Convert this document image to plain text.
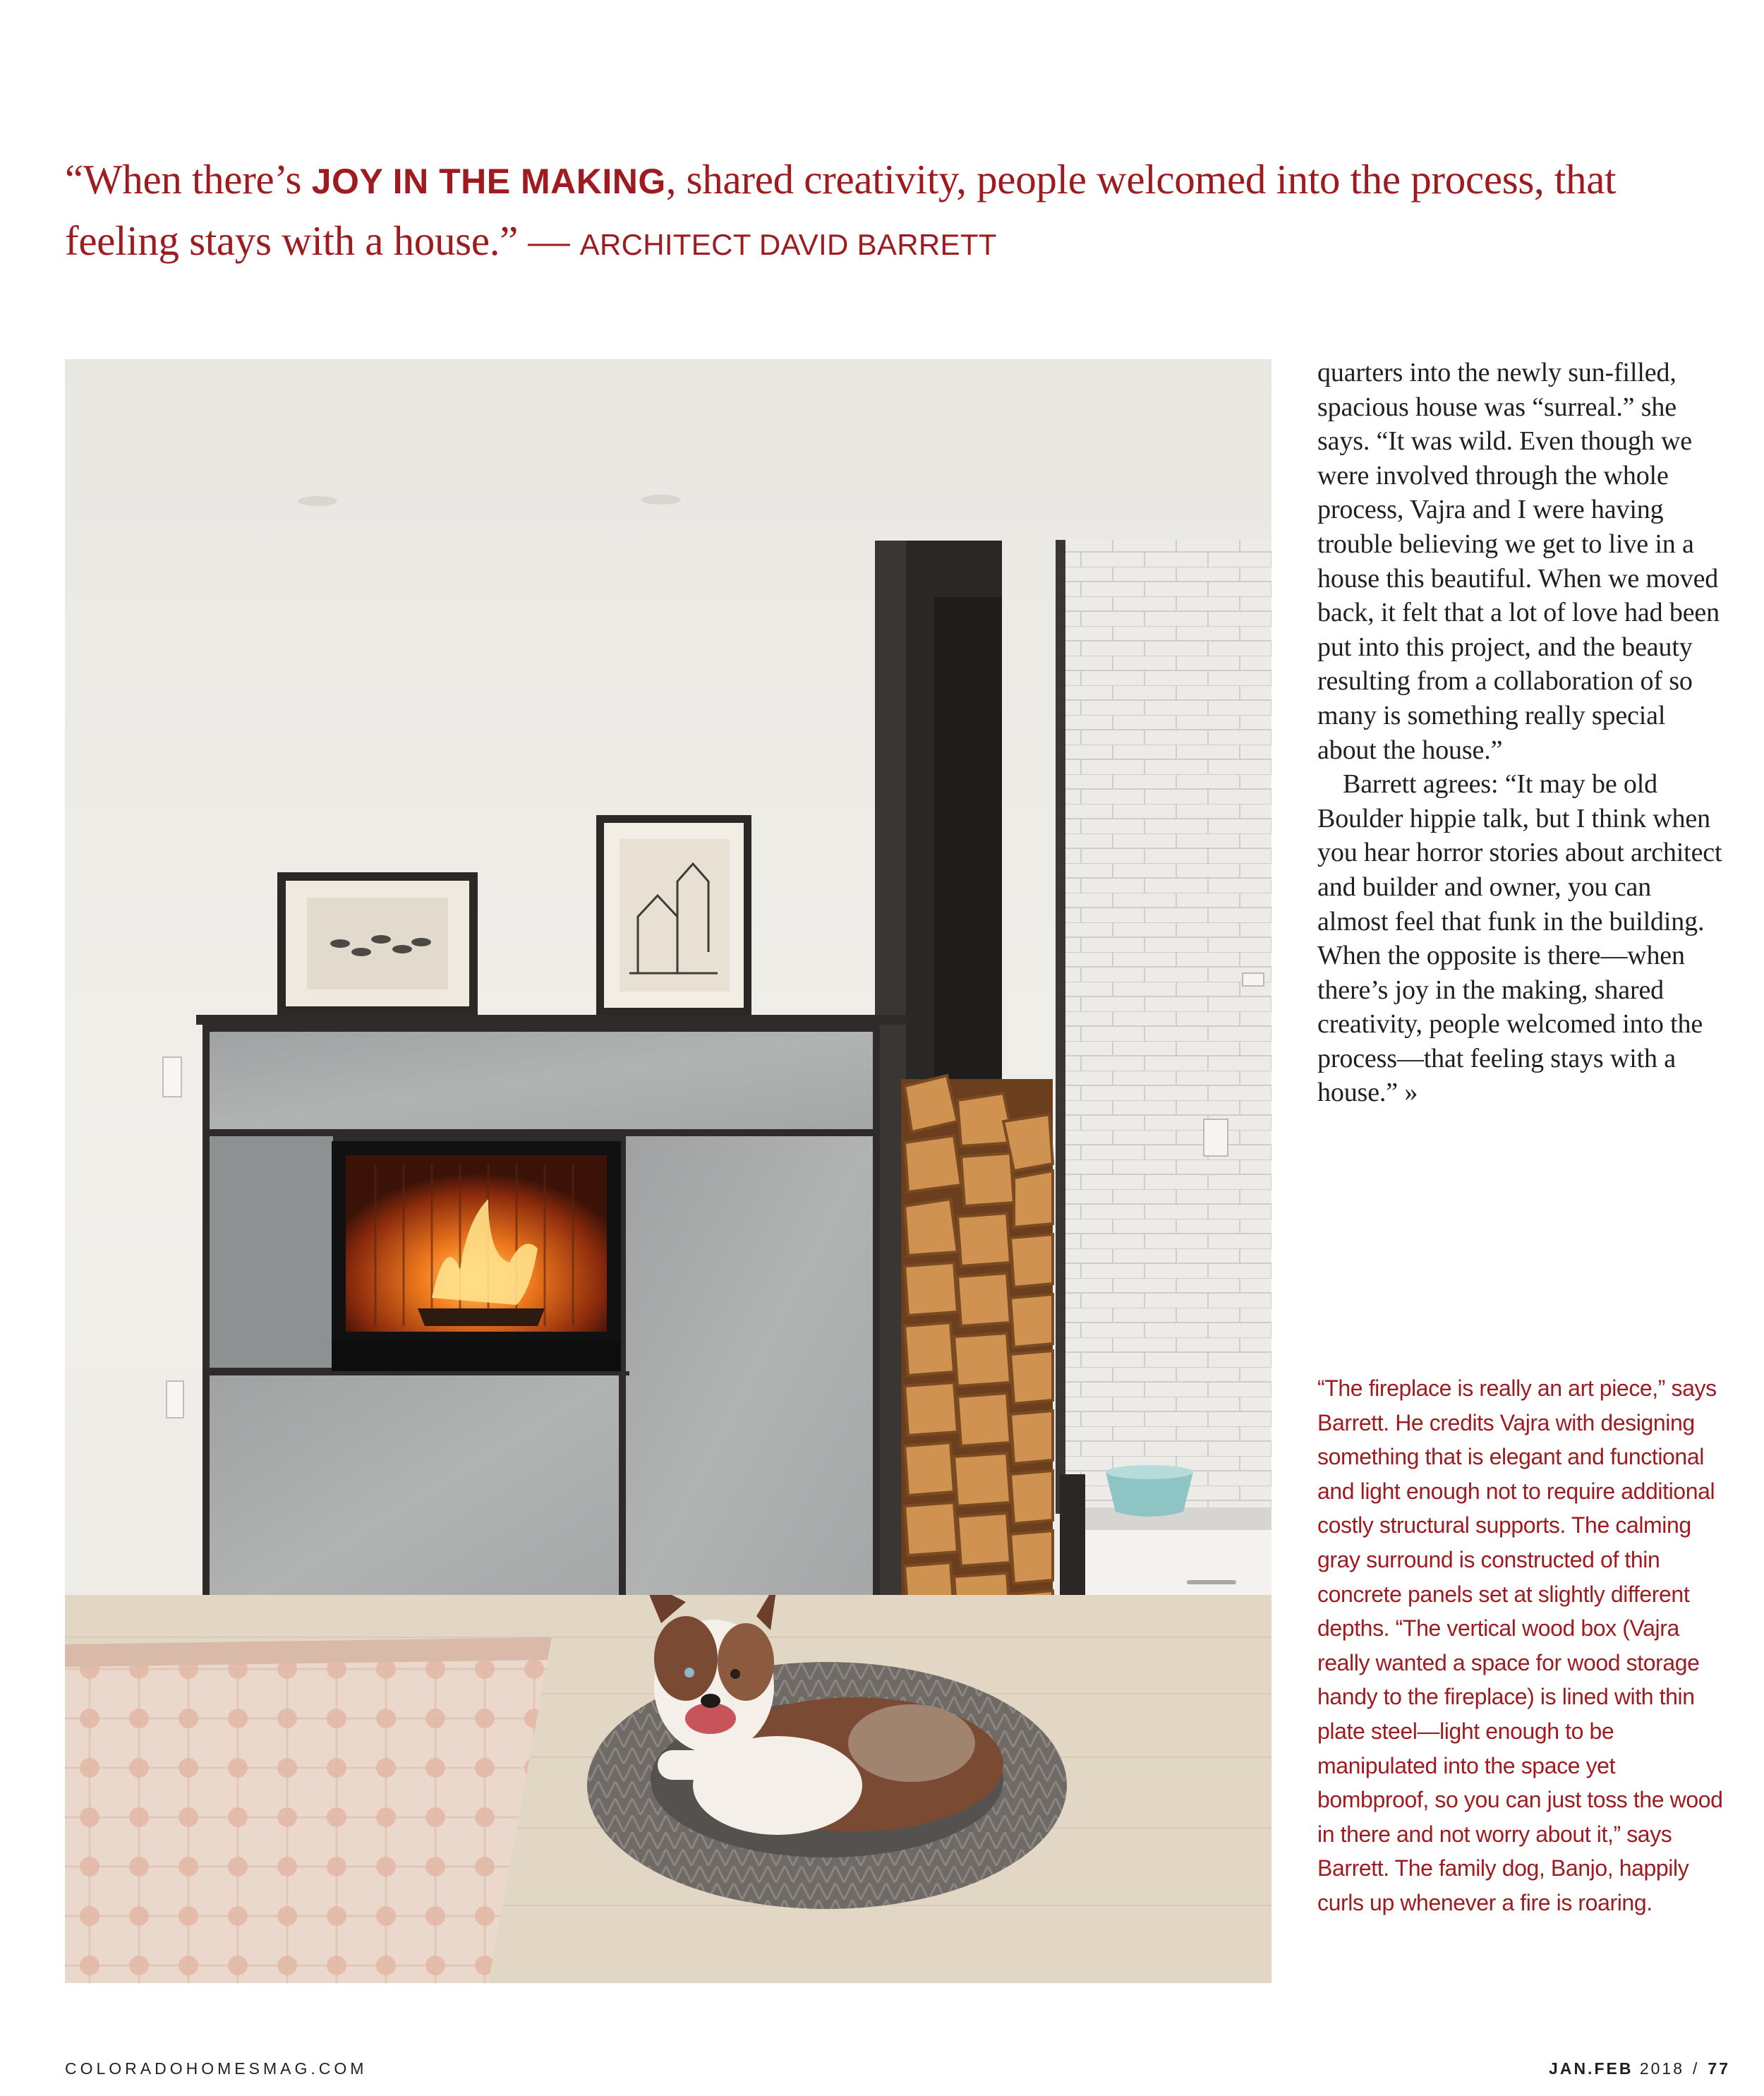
“When there’s JOY IN THE MAKING, shared creativity, people welcomed into the process, that feeling stays with a house.” — ARCHITECT DAVID BARRETT

quarters into the newly sun-filled, spacious house was “surreal.” she says. “It was wild. Even though we were involved through the whole process, Vajra and I were having trouble believing we get to live in a house this beautiful. When we moved back, it felt that a lot of love had been put into this project, and the beauty resulting from a collaboration of so many is something really special about the house.”

Barrett agrees: “It may be old Boulder hippie talk, but I think when you hear horror stories about architect and builder and owner, you can almost feel that funk in the building. When the opposite is there—when there’s joy in the making, shared creativity, people welcomed into the process—that feeling stays with a house.” »

“The fireplace is really an art piece,” says Barrett. He credits Vajra with designing something that is elegant and functional and light enough not to require additional costly structural supports. The calming gray surround is constructed of thin concrete panels set at slightly different depths. “The vertical wood box (Vajra really wanted a space for wood storage handy to the fireplace) is lined with thin plate steel—light enough to be manipulated into the space yet bombproof, so you can just toss the wood in there and not worry about it,” says Barrett. The family dog, Banjo, happily curls up whenever a fire is roaring.

COLORADOHOMESMAG.COM	JAN.FEB 2018 / 77
